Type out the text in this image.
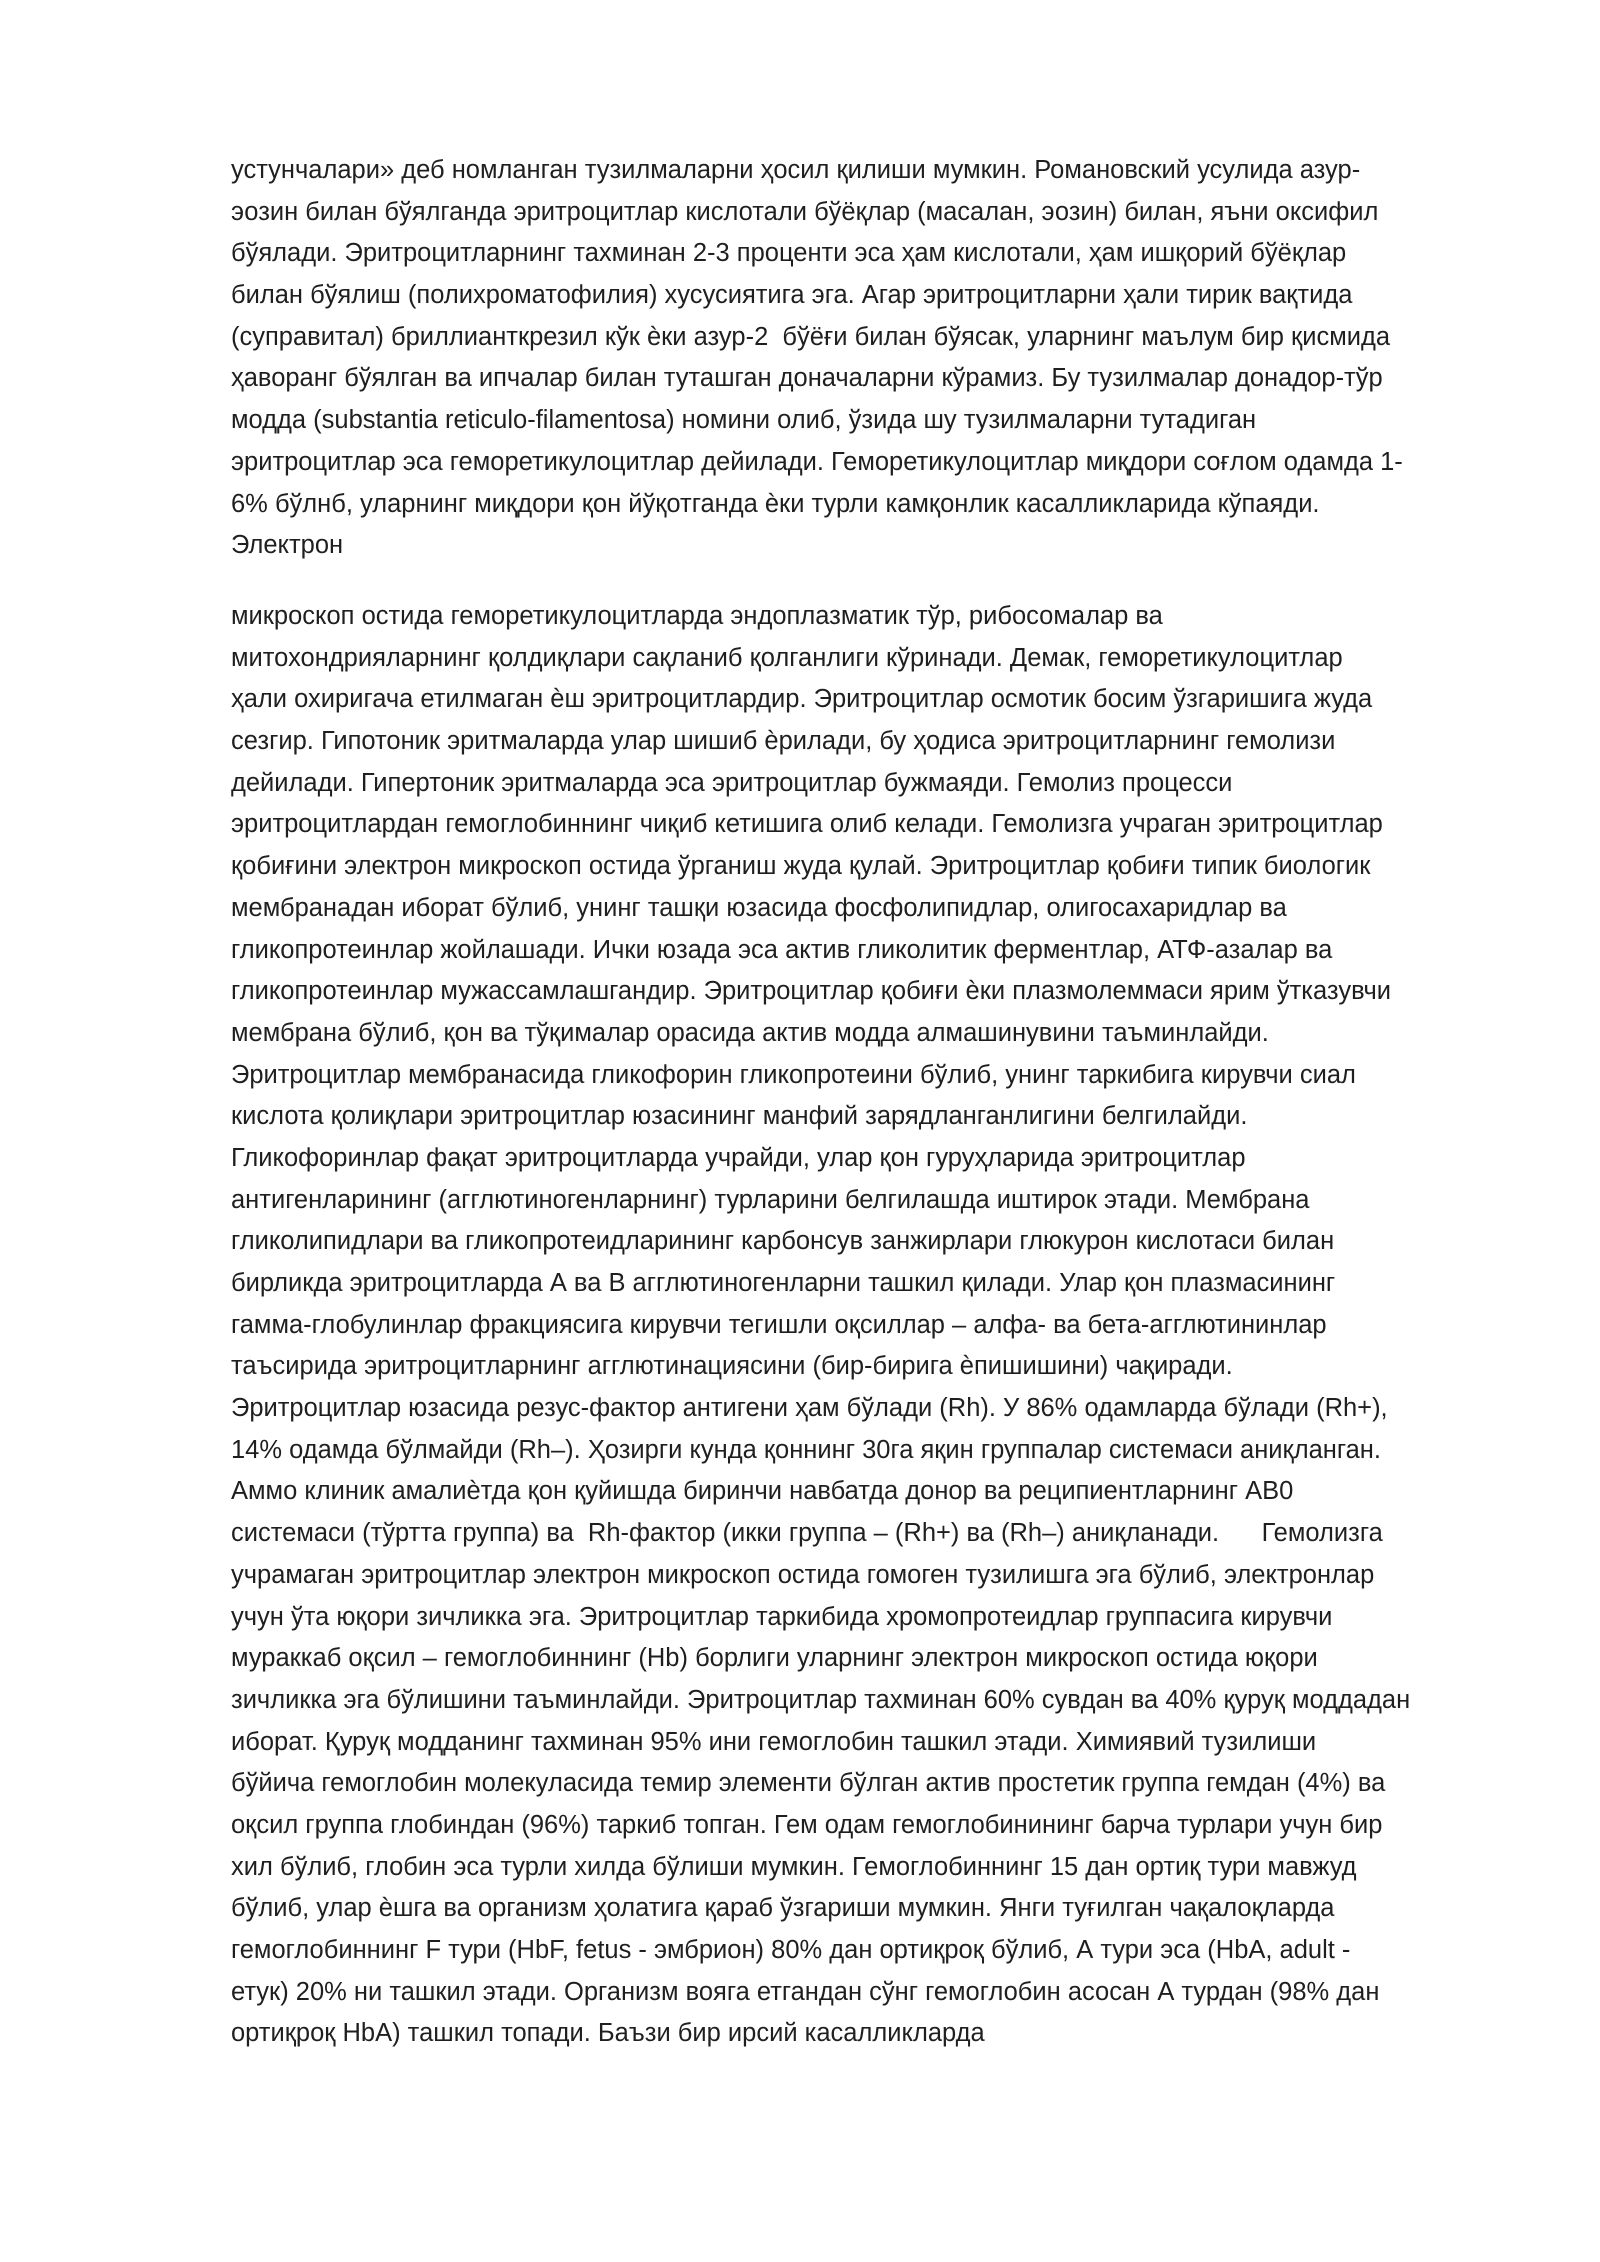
устунчалари» деб номланган тузилмаларни ҳосил қилиши мумкин. Романовский усулида азур-
эозин билан бўялганда эритроцитлар кислотали бўёқлар (масалан, эозин) билан, яъни оксифил
бўялади. Эритроцитларнинг тахминан 2-3 проценти эса ҳам кислотали, ҳам ишқорий бўёқлар
билан бўялиш (полихроматофилия) хусусиятига эга. Агар эритроцитларни ҳали тирик вақтида
(суправитал) бриллианткрезил кўк ѐки азур-2  бўёғи билан бўясак, уларнинг маълум бир қисмида
ҳаворанг бўялган ва ипчалар билан туташган доначаларни кўрамиз. Бу тузилмалар донадор-тўр
модда (substantia reticulo-filamentosa) номини олиб, ўзида шу тузилмаларни тутадиган
эритроцитлар эса геморетикулоцитлар дейилади. Геморетикулоцитлар миқдори соғлом одамда 1-
6% бўлнб, уларнинг миқдори қон йўқотганда ѐки турли камқонлик касалликларида кўпаяди.
Электрон
микроскоп остида геморетикулоцитларда эндоплазматик тўр, рибосомалар ва
митохондрияларнинг қолдиқлари сақланиб қолганлиги кўринади. Демак, геморетикулоцитлар
ҳали охиригача етилмаган ѐш эритроцитлардир. Эритроцитлар осмотик босим ўзгаришига жуда
сезгир. Гипотоник эритмаларда улар шишиб ѐрилади, бу ҳодиса эритроцитларнинг гемолизи
дейилади. Гипертоник эритмаларда эса эритроцитлар бужмаяди. Гемолиз процесси
эритроцитлардан гемоглобиннинг чиқиб кетишига олиб келади. Гемолизга учраган эритроцитлар
қобиғини электрон микроскоп остида ўрганиш жуда қулай. Эритроцитлар қобиғи типик биологик
мембранадан иборат бўлиб, унинг ташқи юзасида фосфолипидлар, олигосахаридлар ва
гликопротеинлар жойлашади. Ички юзада эса актив гликолитик ферментлар, АТФ-азалар ва
гликопротеинлар мужассамлашгандир. Эритроцитлар қобиғи ѐки плазмолеммаси ярим ўтказувчи
мембрана бўлиб, қон ва тўқималар орасида актив модда алмашинувини таъминлайди.
Эритроцитлар мембранасида гликофорин гликопротеини бўлиб, унинг таркибига кирувчи сиал
кислота қолиқлари эритроцитлар юзасининг манфий зарядланганлигини белгилайди.
Гликофоринлар фақат эритроцитларда учрайди, улар қон гуруҳларида эритроцитлар
антигенларининг (агглютиногенларнинг) турларини белгилашда иштирок этади. Мембрана
гликолипидлари ва гликопротеидларининг карбонсув занжирлари глюкурон кислотаси билан
бирликда эритроцитларда А ва В агглютиногенларни ташкил қилади. Улар қон плазмасининг
гамма-глобулинлар фракциясига кирувчи тегишли оқсиллар – алфа- ва бета-агглютининлар
таъсирида эритроцитларнинг агглютинациясини (бир-бирига ѐпишишини) чақиради.
Эритроцитлар юзасида резус-фактор антигени ҳам бўлади (Rh). У 86% одамларда бўлади (Rh+),
14% одамда бўлмайди (Rh–). Ҳозирги кунда қоннинг 30га яқин группалар системаси аниқланган.
Аммо клиник амалиѐтда қон қуйишда биринчи навбатда донор ва реципиентларнинг АВ0
системаси (тўртта группа) ва  Rh-фактор (икки группа – (Rh+) ва (Rh–) аниқланади.      Гемолизга
учрамаган эритроцитлар электрон микроскоп остида гомоген тузилишга эга бўлиб, электронлар
учун ўта юқори зичликка эга. Эритроцитлар таркибида хромопротеидлар группасига кирувчи
мураккаб оқсил – гемоглобиннинг (Hb) борлиги уларнинг электрон микроскоп остида юқори
зичликка эга бўлишини таъминлайди. Эритроцитлар тахминан 60% сувдан ва 40% қуруқ моддадан
иборат. Қуруқ модданинг тахминан 95% ини гемоглобин ташкил этади. Химиявий тузилиши
бўйича гемоглобин молекуласида темир элементи бўлган актив простетик группа гемдан (4%) ва
оқсил группа глобиндан (96%) таркиб топган. Гем одам гемоглобинининг барча турлари учун бир
хил бўлиб, глобин эса турли хилда бўлиши мумкин. Гемоглобиннинг 15 дан ортиқ тури мавжуд
бўлиб, улар ѐшга ва организм ҳолатига қараб ўзгариши мумкин. Янги туғилган чақалоқларда
гемоглобиннинг F тури (HbF, fetus - эмбрион) 80% дан ортиқроқ бўлиб, А тури эса (HbA, adult -
етук) 20% ни ташкил этади. Организм вояга етгандан сўнг гемоглобин асосан А турдан (98% дан
ортиқроқ HbA) ташкил топади. Баъзи бир ирсий касалликларда
